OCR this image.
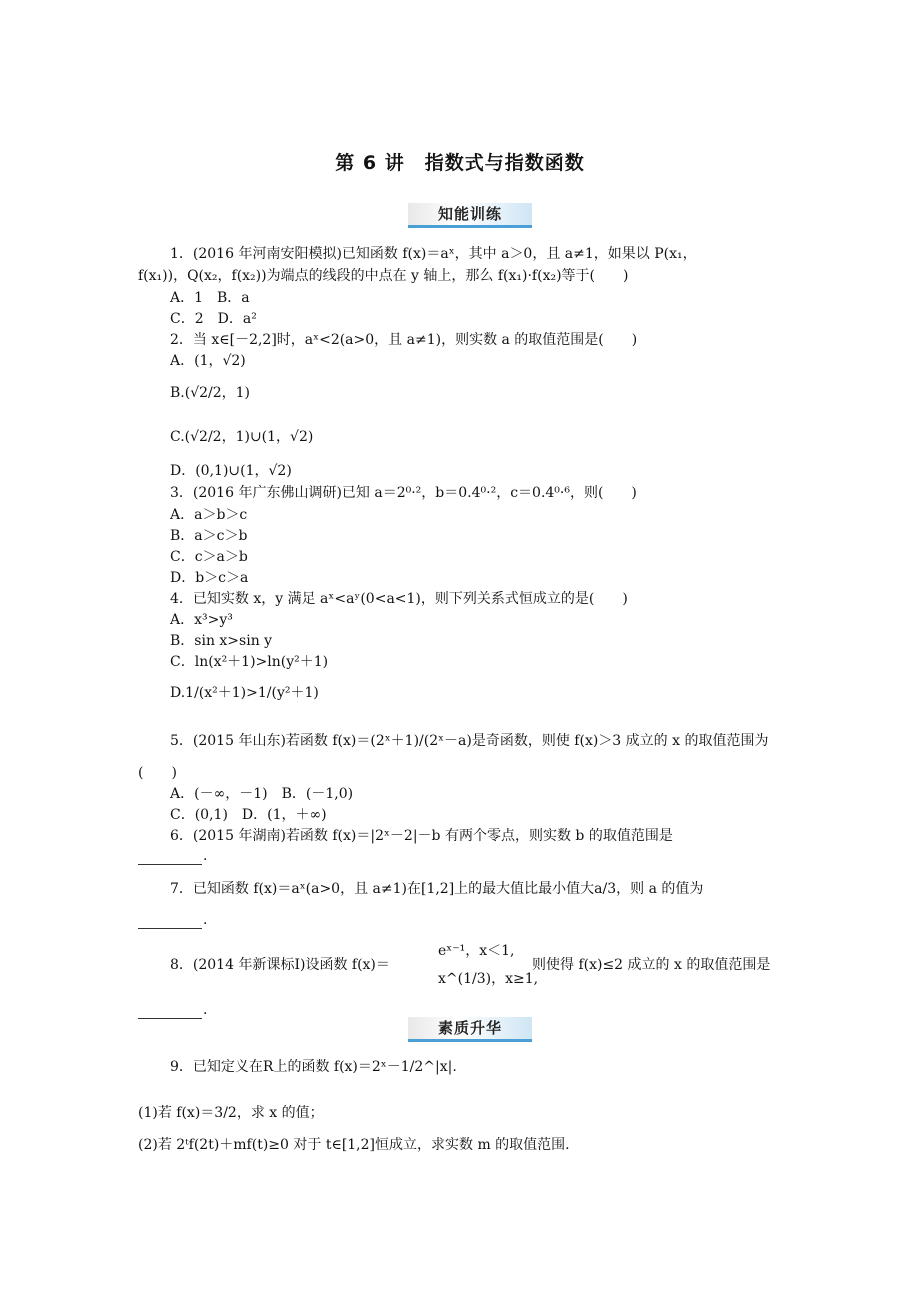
第 6 讲　指数式与指数函数
知能训练
1．(2016 年河南安阳模拟)已知函数 f(x)＝aˣ，其中 a＞0，且 a≠1，如果以 P(x₁，
f(x₁))，Q(x₂，f(x₂))为端点的线段的中点在 y 轴上，那么 f(x₁)·f(x₂)等于(　　)
A．1　B．a
C．2　D．a²
2．当 x∈[－2,2]时，aˣ<2(a>0，且 a≠1)，则实数 a 的取值范围是(　　)
A．(1，√2)
B.(√2/2，1)
C.(√2/2，1)∪(1，√2)
D．(0,1)∪(1，√2)
3．(2016 年广东佛山调研)已知 a＝2⁰·²，b＝0.4⁰·²，c＝0.4⁰·⁶，则(　　)
A．a＞b＞c
B．a＞c＞b
C．c＞a＞b
D．b＞c＞a
4．已知实数 x，y 满足 aˣ<aʸ(0<a<1)，则下列关系式恒成立的是(　　)
A．x³>y³
B．sin x>sin y
C．ln(x²＋1)>ln(y²＋1)
D.1/(x²＋1)>1/(y²＋1)
5．(2015 年山东)若函数 f(x)＝(2ˣ＋1)/(2ˣ－a)是奇函数，则使 f(x)＞3 成立的 x 的取值范围为
(　　)
A．(－∞，－1)　B．(－1,0)
C．(0,1)　D．(1，＋∞)
6．(2015 年湖南)若函数 f(x)＝|2ˣ－2|－b 有两个零点，则实数 b 的取值范围是
.
7．已知函数 f(x)＝aˣ(a>0，且 a≠1)在[1,2]上的最大值比最小值大a/3，则 a 的值为
.
8．(2014 年新课标Ⅰ)设函数 f(x)＝
eˣ⁻¹，x＜1,
x^(1/3)，x≥1,
则使得 f(x)≤2 成立的 x 的取值范围是
.
素质升华
9．已知定义在R上的函数 f(x)＝2ˣ－1/2^|x|.
(1)若 f(x)＝3/2，求 x 的值；
(2)若 2ᵗf(2t)＋mf(t)≥0 对于 t∈[1,2]恒成立，求实数 m 的取值范围.
